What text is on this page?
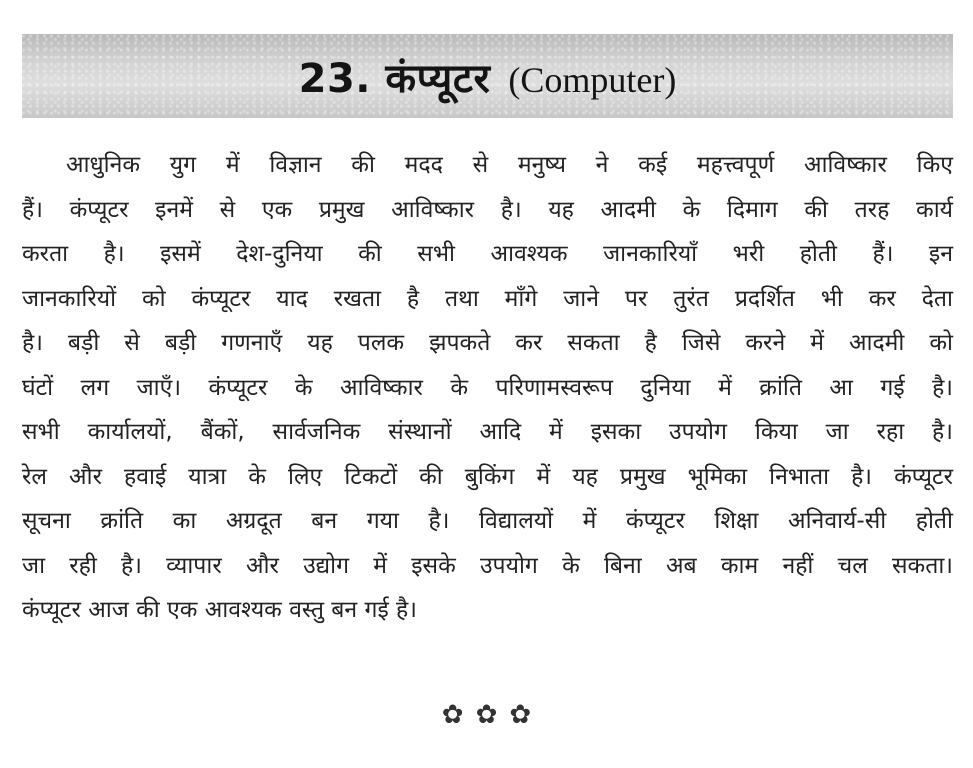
23. कंप्यूटर (Computer)
आधुनिक युग में विज्ञान की मदद से मनुष्य ने कई महत्त्वपूर्ण आविष्कार किए
हैं। कंप्यूटर इनमें से एक प्रमुख आविष्कार है। यह आदमी के दिमाग की तरह कार्य
करता है। इसमें देश-दुनिया की सभी आवश्यक जानकारियाँ भरी होती हैं। इन
जानकारियों को कंप्यूटर याद रखता है तथा माँगे जाने पर तुरंत प्रदर्शित भी कर देता
है। बड़ी से बड़ी गणनाएँ यह पलक झपकते कर सकता है जिसे करने में आदमी को
घंटों लग जाएँ। कंप्यूटर के आविष्कार के परिणामस्वरूप दुनिया में क्रांति आ गई है।
सभी कार्यालयों, बैंकों, सार्वजनिक संस्थानों आदि में इसका उपयोग किया जा रहा है।
रेल और हवाई यात्रा के लिए टिकटों की बुकिंग में यह प्रमुख भूमिका निभाता है। कंप्यूटर
सूचना क्रांति का अग्रदूत बन गया है। विद्यालयों में कंप्यूटर शिक्षा अनिवार्य-सी होती
जा रही है। व्यापार और उद्योग में इसके उपयोग के बिना अब काम नहीं चल सकता।
कंप्यूटर आज की एक आवश्यक वस्तु बन गई है।
✿ ✿ ✿
